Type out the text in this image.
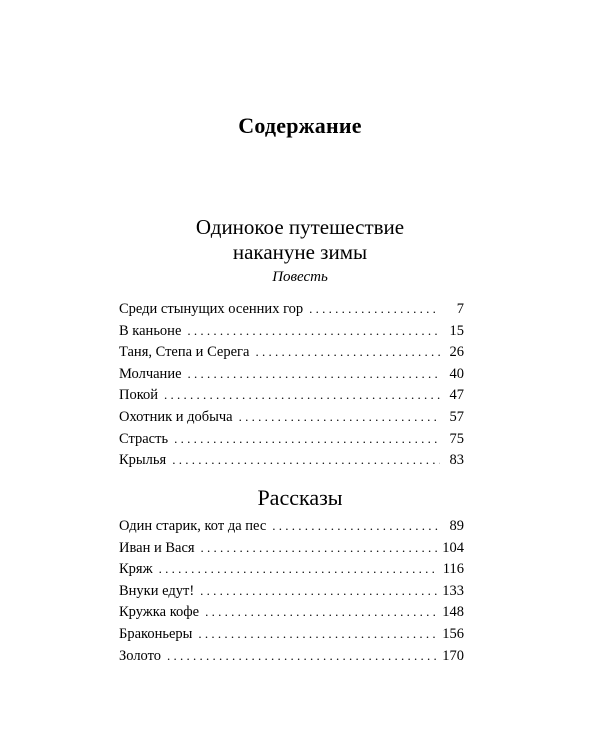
Содержание
Одинокое путешествие
накануне зимы
Повесть
Среди стынущих осенних гор . . .	7
В каньоне . . .	15
Таня, Степа и Серега . . .	26
Молчание . . .	40
Покой . . .	47
Охотник и добыча . . .	57
Страсть . . .	75
Крылья . . .	83
Рассказы
Один старик, кот да пес . . .	89
Иван и Вася . . .	104
Кряж . . .	116
Внуки едут! . . .	133
Кружка кофе . . .	148
Браконьеры . . .	156
Золото . . .	170
